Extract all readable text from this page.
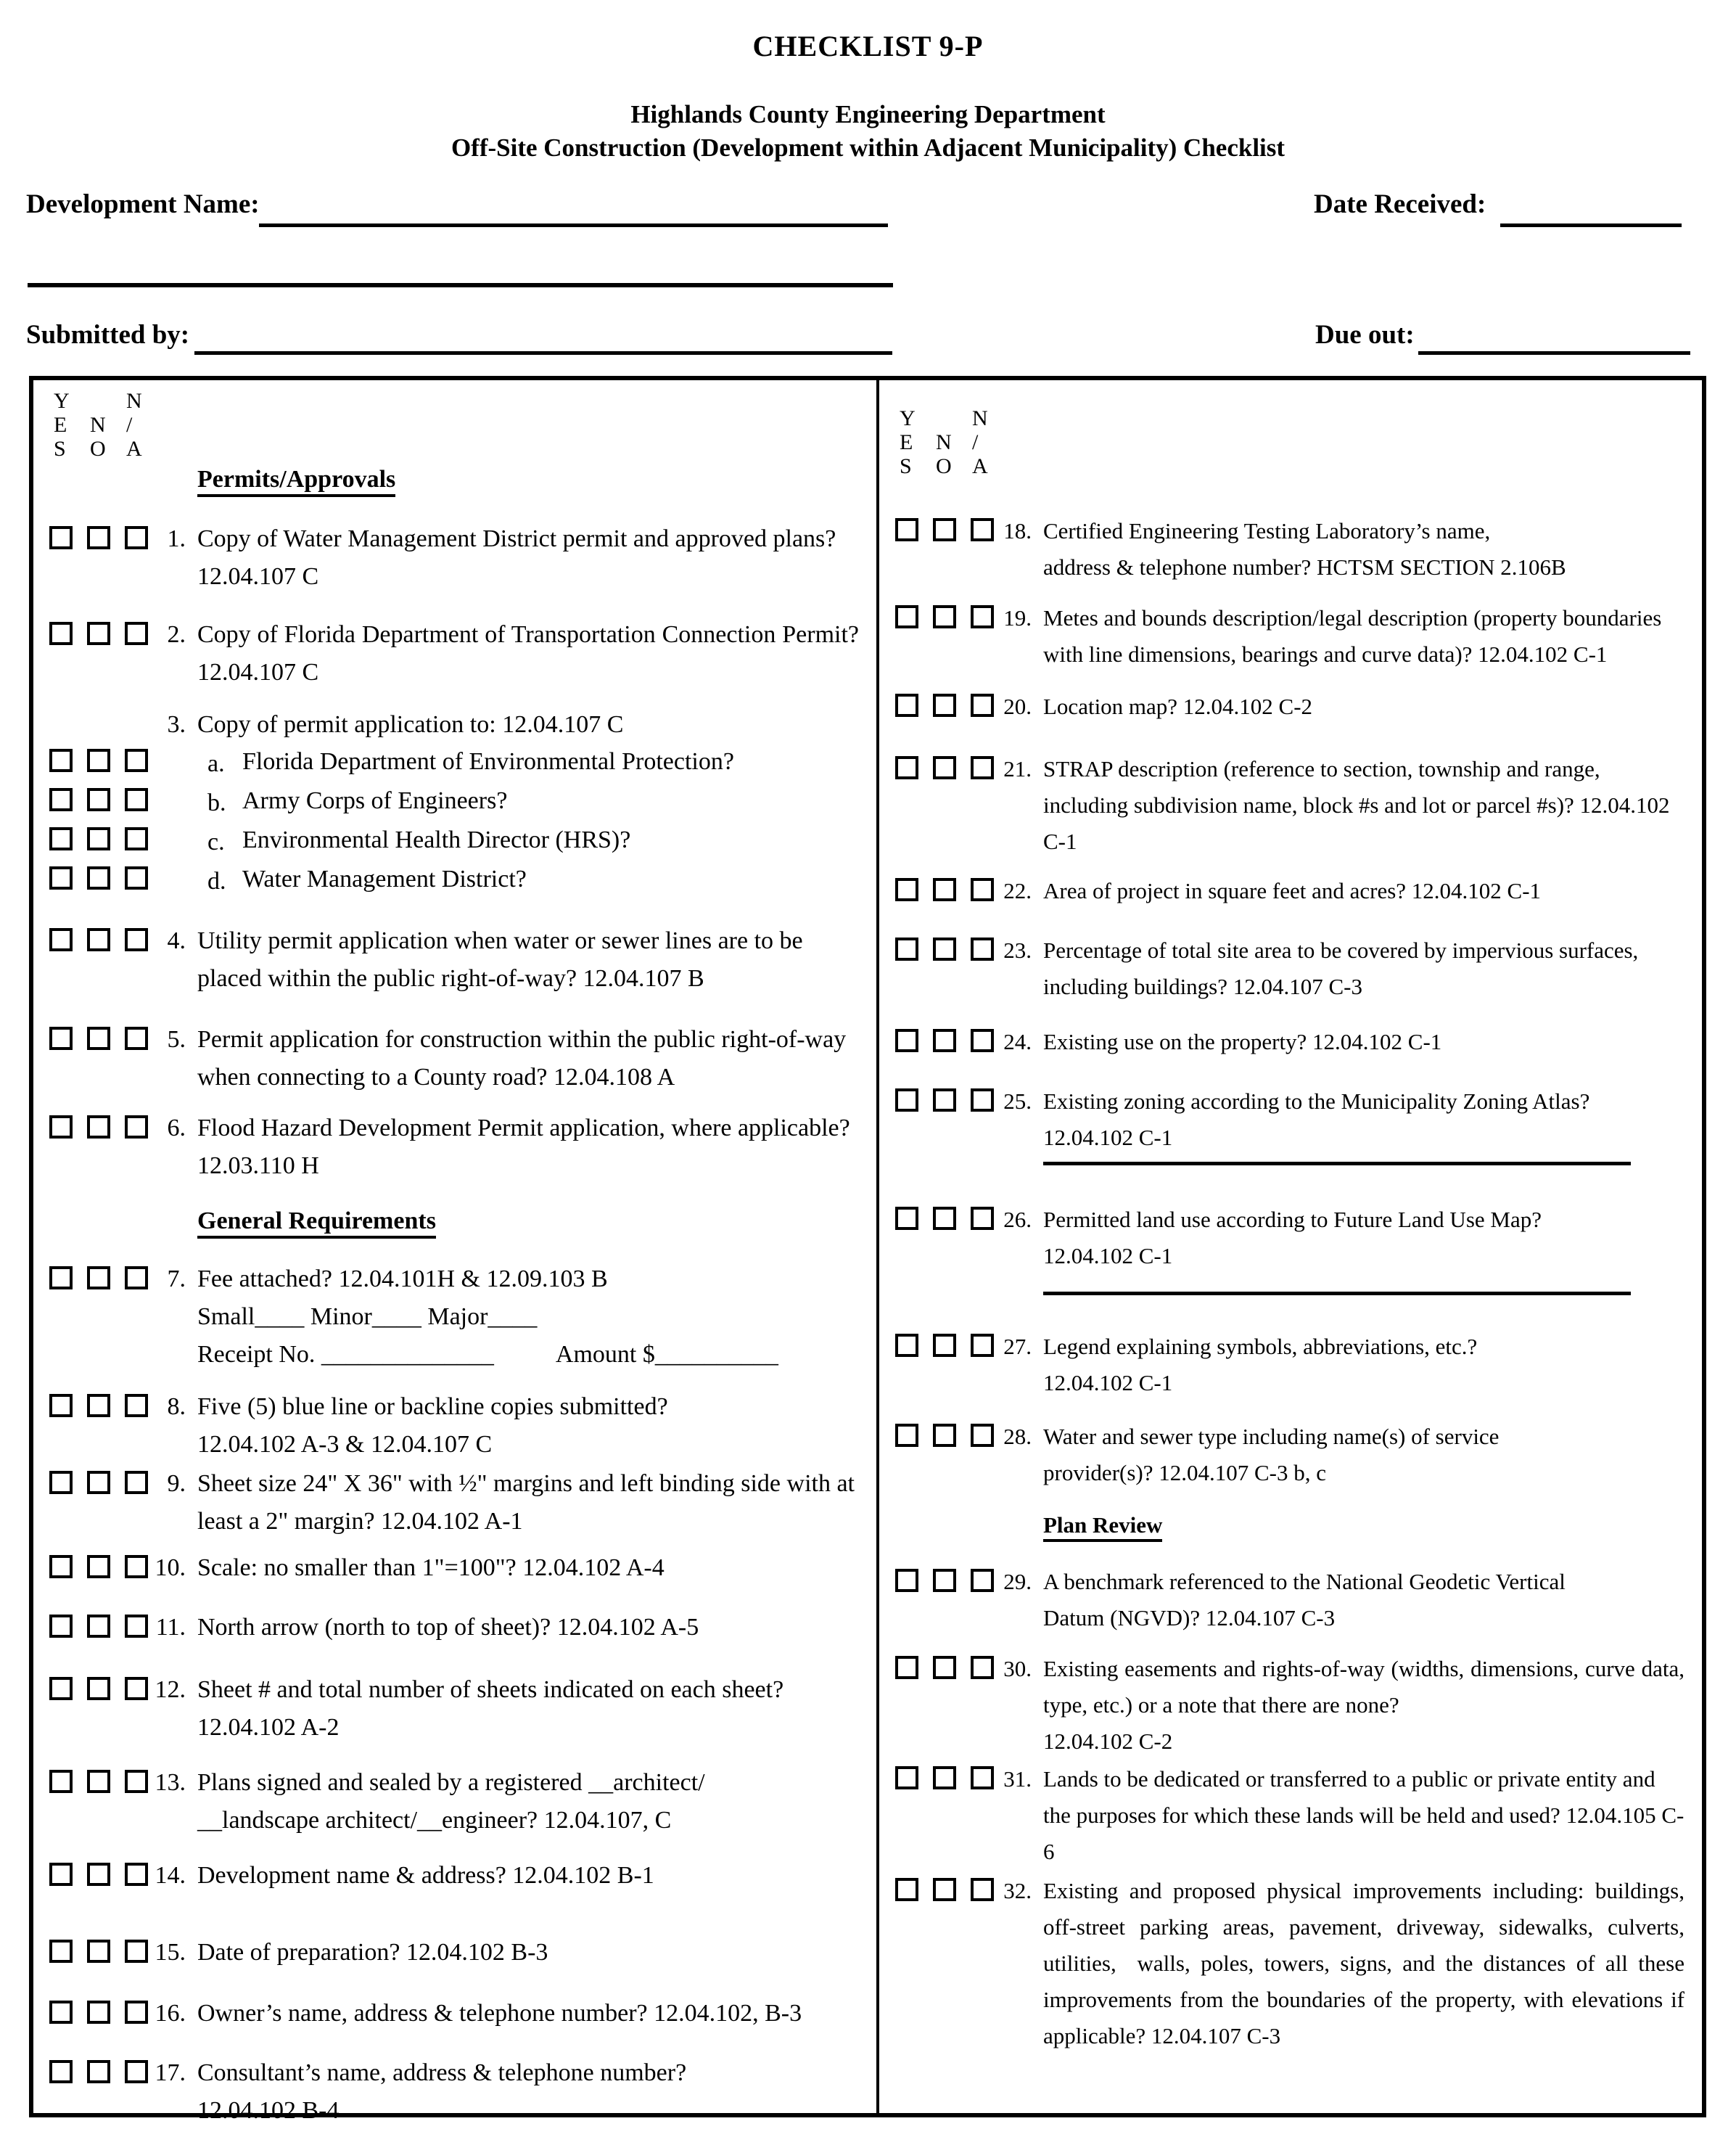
CHECKLIST 9-P
Highlands County Engineering Department
Off-Site Construction (Development within Adjacent Municipality) Checklist
Development Name:	Date Received:
Submitted by:	Due out:
Y	N
E	N /
S	O A
Permits/Approvals
1. Copy of Water Management District permit and approved plans? 12.04.107 C
2. Copy of Florida Department of Transportation Connection Permit? 12.04.107 C
3. Copy of permit application to: 12.04.107 C
a. Florida Department of Environmental Protection?
b. Army Corps of Engineers?
c. Environmental Health Director (HRS)?
d. Water Management District?
4. Utility permit application when water or sewer lines are to be placed within the public right-of-way? 12.04.107 B
5. Permit application for construction within the public right-of-way when connecting to a County road? 12.04.108 A
6. Flood Hazard Development Permit application, where applicable? 12.03.110 H
General Requirements
7. Fee attached? 12.04.101H & 12.09.103 B
Small____ Minor____ Major____
Receipt No. ______________          Amount $__________
8. Five (5) blue line or backline copies submitted?
12.04.102 A-3 & 12.04.107 C
9. Sheet size 24" X 36" with ½" margins and left binding side with at least a 2" margin? 12.04.102 A-1
10. Scale: no smaller than 1"=100"? 12.04.102 A-4
11. North arrow (north to top of sheet)? 12.04.102 A-5
12. Sheet # and total number of sheets indicated on each sheet?
12.04.102 A-2
13. Plans signed and sealed by a registered __architect/
__landscape architect/__engineer? 12.04.107, C
14. Development name & address? 12.04.102 B-1
15. Date of preparation? 12.04.102 B-3
16. Owner’s name, address & telephone number? 12.04.102, B-3
17. Consultant’s name, address & telephone number?
12.04.102 B-4
Y	N
E	N /
S	O A
18. Certified Engineering Testing Laboratory’s name,
address & telephone number? HCTSM SECTION 2.106B
19. Metes and bounds description/legal description (property boundaries with line dimensions, bearings and curve data)? 12.04.102 C-1
20. Location map? 12.04.102 C-2
21. STRAP description (reference to section, township and range, including subdivision name, block #s and lot or parcel #s)? 12.04.102 C-1
22. Area of project in square feet and acres? 12.04.102 C-1
23. Percentage of total site area to be covered by impervious surfaces, including buildings? 12.04.107 C-3
24. Existing use on the property? 12.04.102 C-1
25. Existing zoning according to the Municipality Zoning Atlas?
12.04.102 C-1
26. Permitted land use according to Future Land Use Map?
12.04.102 C-1
27. Legend explaining symbols, abbreviations, etc.?
12.04.102 C-1
28. Water and sewer type including name(s) of service
provider(s)? 12.04.107 C-3 b, c
Plan Review
29. A benchmark referenced to the National Geodetic Vertical
Datum (NGVD)? 12.04.107 C-3
30. Existing easements and rights-of-way (widths, dimensions, curve data, type, etc.) or a note that there are none?
12.04.102 C-2
31. Lands to be dedicated or transferred to a public or private entity and the purposes for which these lands will be held and used? 12.04.105 C-6
32. Existing and proposed physical improvements including: buildings, off-street parking areas, pavement, driveway, sidewalks, culverts, utilities,  walls, poles, towers, signs, and the distances of all these improvements from the boundaries of the property, with elevations if applicable? 12.04.107 C-3
